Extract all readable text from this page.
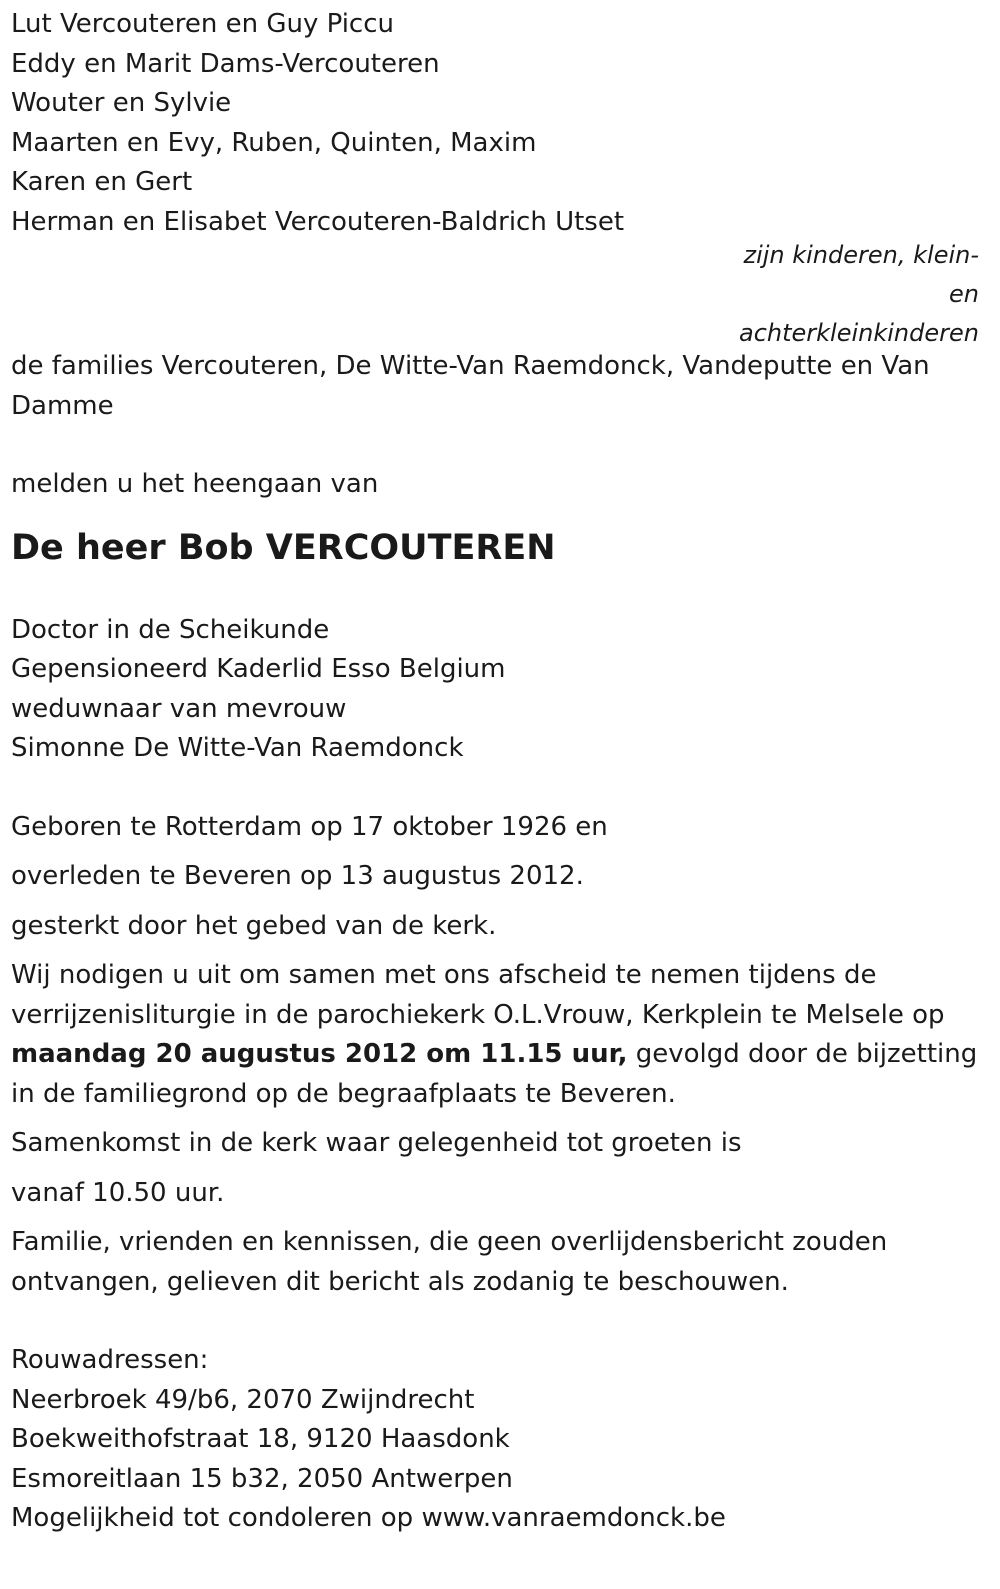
Lut Vercouteren en Guy Piccu
Eddy en Marit Dams-Vercouteren
Wouter en Sylvie
Maarten en Evy, Ruben, Quinten, Maxim
Karen en Gert
Herman en Elisabet Vercouteren-Baldrich Utset
zijn kinderen, klein-
en
achterkleinkinderen
de families Vercouteren, De Witte-Van Raemdonck, Vandeputte en Van Damme
melden u het heengaan van
De heer Bob VERCOUTEREN
Doctor in de Scheikunde
Gepensioneerd Kaderlid Esso Belgium
weduwnaar van mevrouw
Simonne De Witte-Van Raemdonck
Geboren te Rotterdam op 17 oktober 1926 en
overleden te Beveren op 13 augustus 2012.
gesterkt door het gebed van de kerk.
Wij nodigen u uit om samen met ons afscheid te nemen tijdens de verrijzenisliturgie in de parochiekerk O.L.Vrouw, Kerkplein te Melsele op maandag 20 augustus 2012 om 11.15 uur, gevolgd door de bijzetting in de familiegrond op de begraafplaats te Beveren.
Samenkomst in de kerk waar gelegenheid tot groeten is
vanaf 10.50 uur.
Familie, vrienden en kennissen, die geen overlijdensbericht zouden ontvangen, gelieven dit bericht als zodanig te beschouwen.
Rouwadressen:
Neerbroek 49/b6, 2070 Zwijndrecht
Boekweithofstraat 18, 9120 Haasdonk
Esmoreitlaan 15 b32, 2050 Antwerpen
Mogelijkheid tot condoleren op www.vanraemdonck.be
